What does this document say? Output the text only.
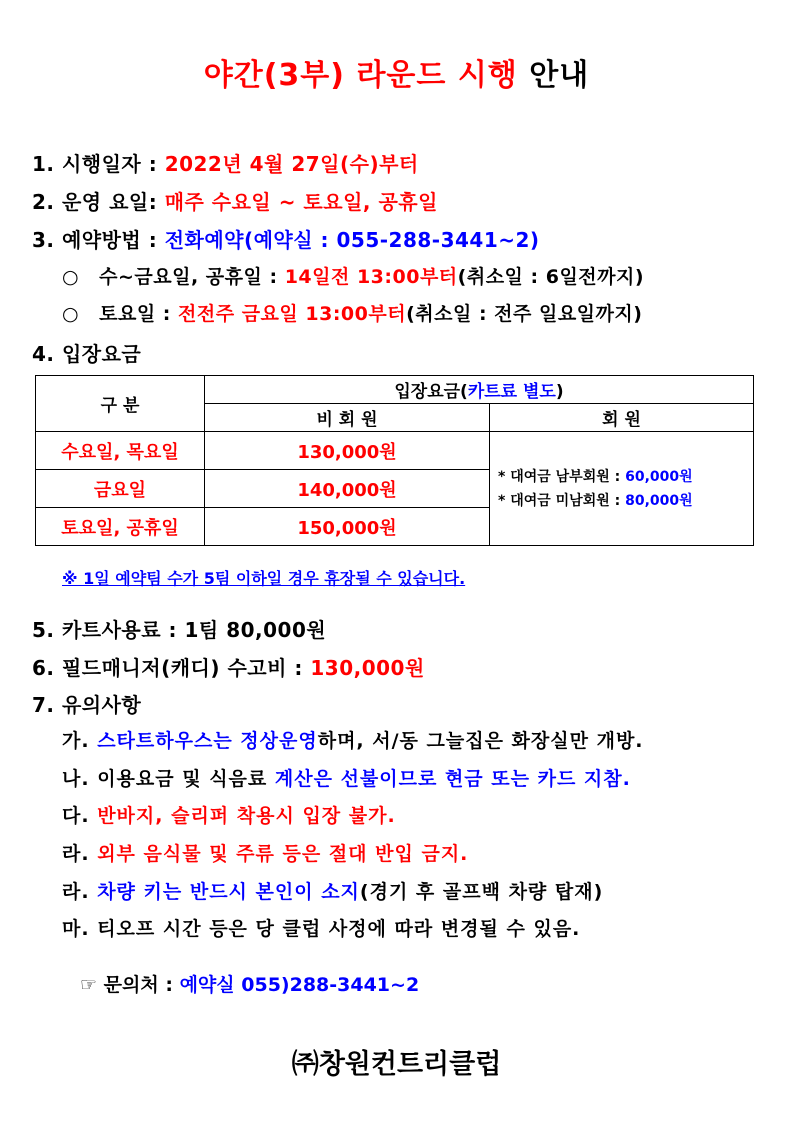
야간(3부) 라운드 시행 안내
1. 시행일자 : 2022년 4월 27일(수)부터
2. 운영 요일: 매주 수요일 ~ 토요일, 공휴일
3. 예약방법 : 전화예약(예약실 : 055-288-3441~2)
○ 수~금요일, 공휴일 : 14일전 13:00부터(취소일 : 6일전까지)
○ 토요일 : 전전주 금요일 13:00부터(취소일 : 전주 일요일까지)
4. 입장요금
구 분	입장요금(카트료 별도)	
	비 회 원	회 원
수요일, 목요일	130,000원	* 대여금 남부회원 : 60,000원
* 대여금 미남회원 : 80,000원

금요일	140,000원	
토요일, 공휴일	150,000원	
※ 1일 예약팀 수가 5팀 이하일 경우 휴장될 수 있습니다.
5. 카트사용료 : 1팀 80,000원
6. 필드매니저(캐디) 수고비 : 130,000원
7. 유의사항
가. 스타트하우스는 정상운영하며, 서/동 그늘집은 화장실만 개방.
나. 이용요금 및 식음료 계산은 선불이므로 현금 또는 카드 지참.
다. 반바지, 슬리퍼 착용시 입장 불가.
라. 외부 음식물 및 주류 등은 절대 반입 금지.
라. 차량 키는 반드시 본인이 소지(경기 후 골프백 차량 탑재)
마. 티오프 시간 등은 당 클럽 사정에 따라 변경될 수 있음.
☞ 문의처 : 예약실 055)288-3441~2
㈜창원컨트리클럽
